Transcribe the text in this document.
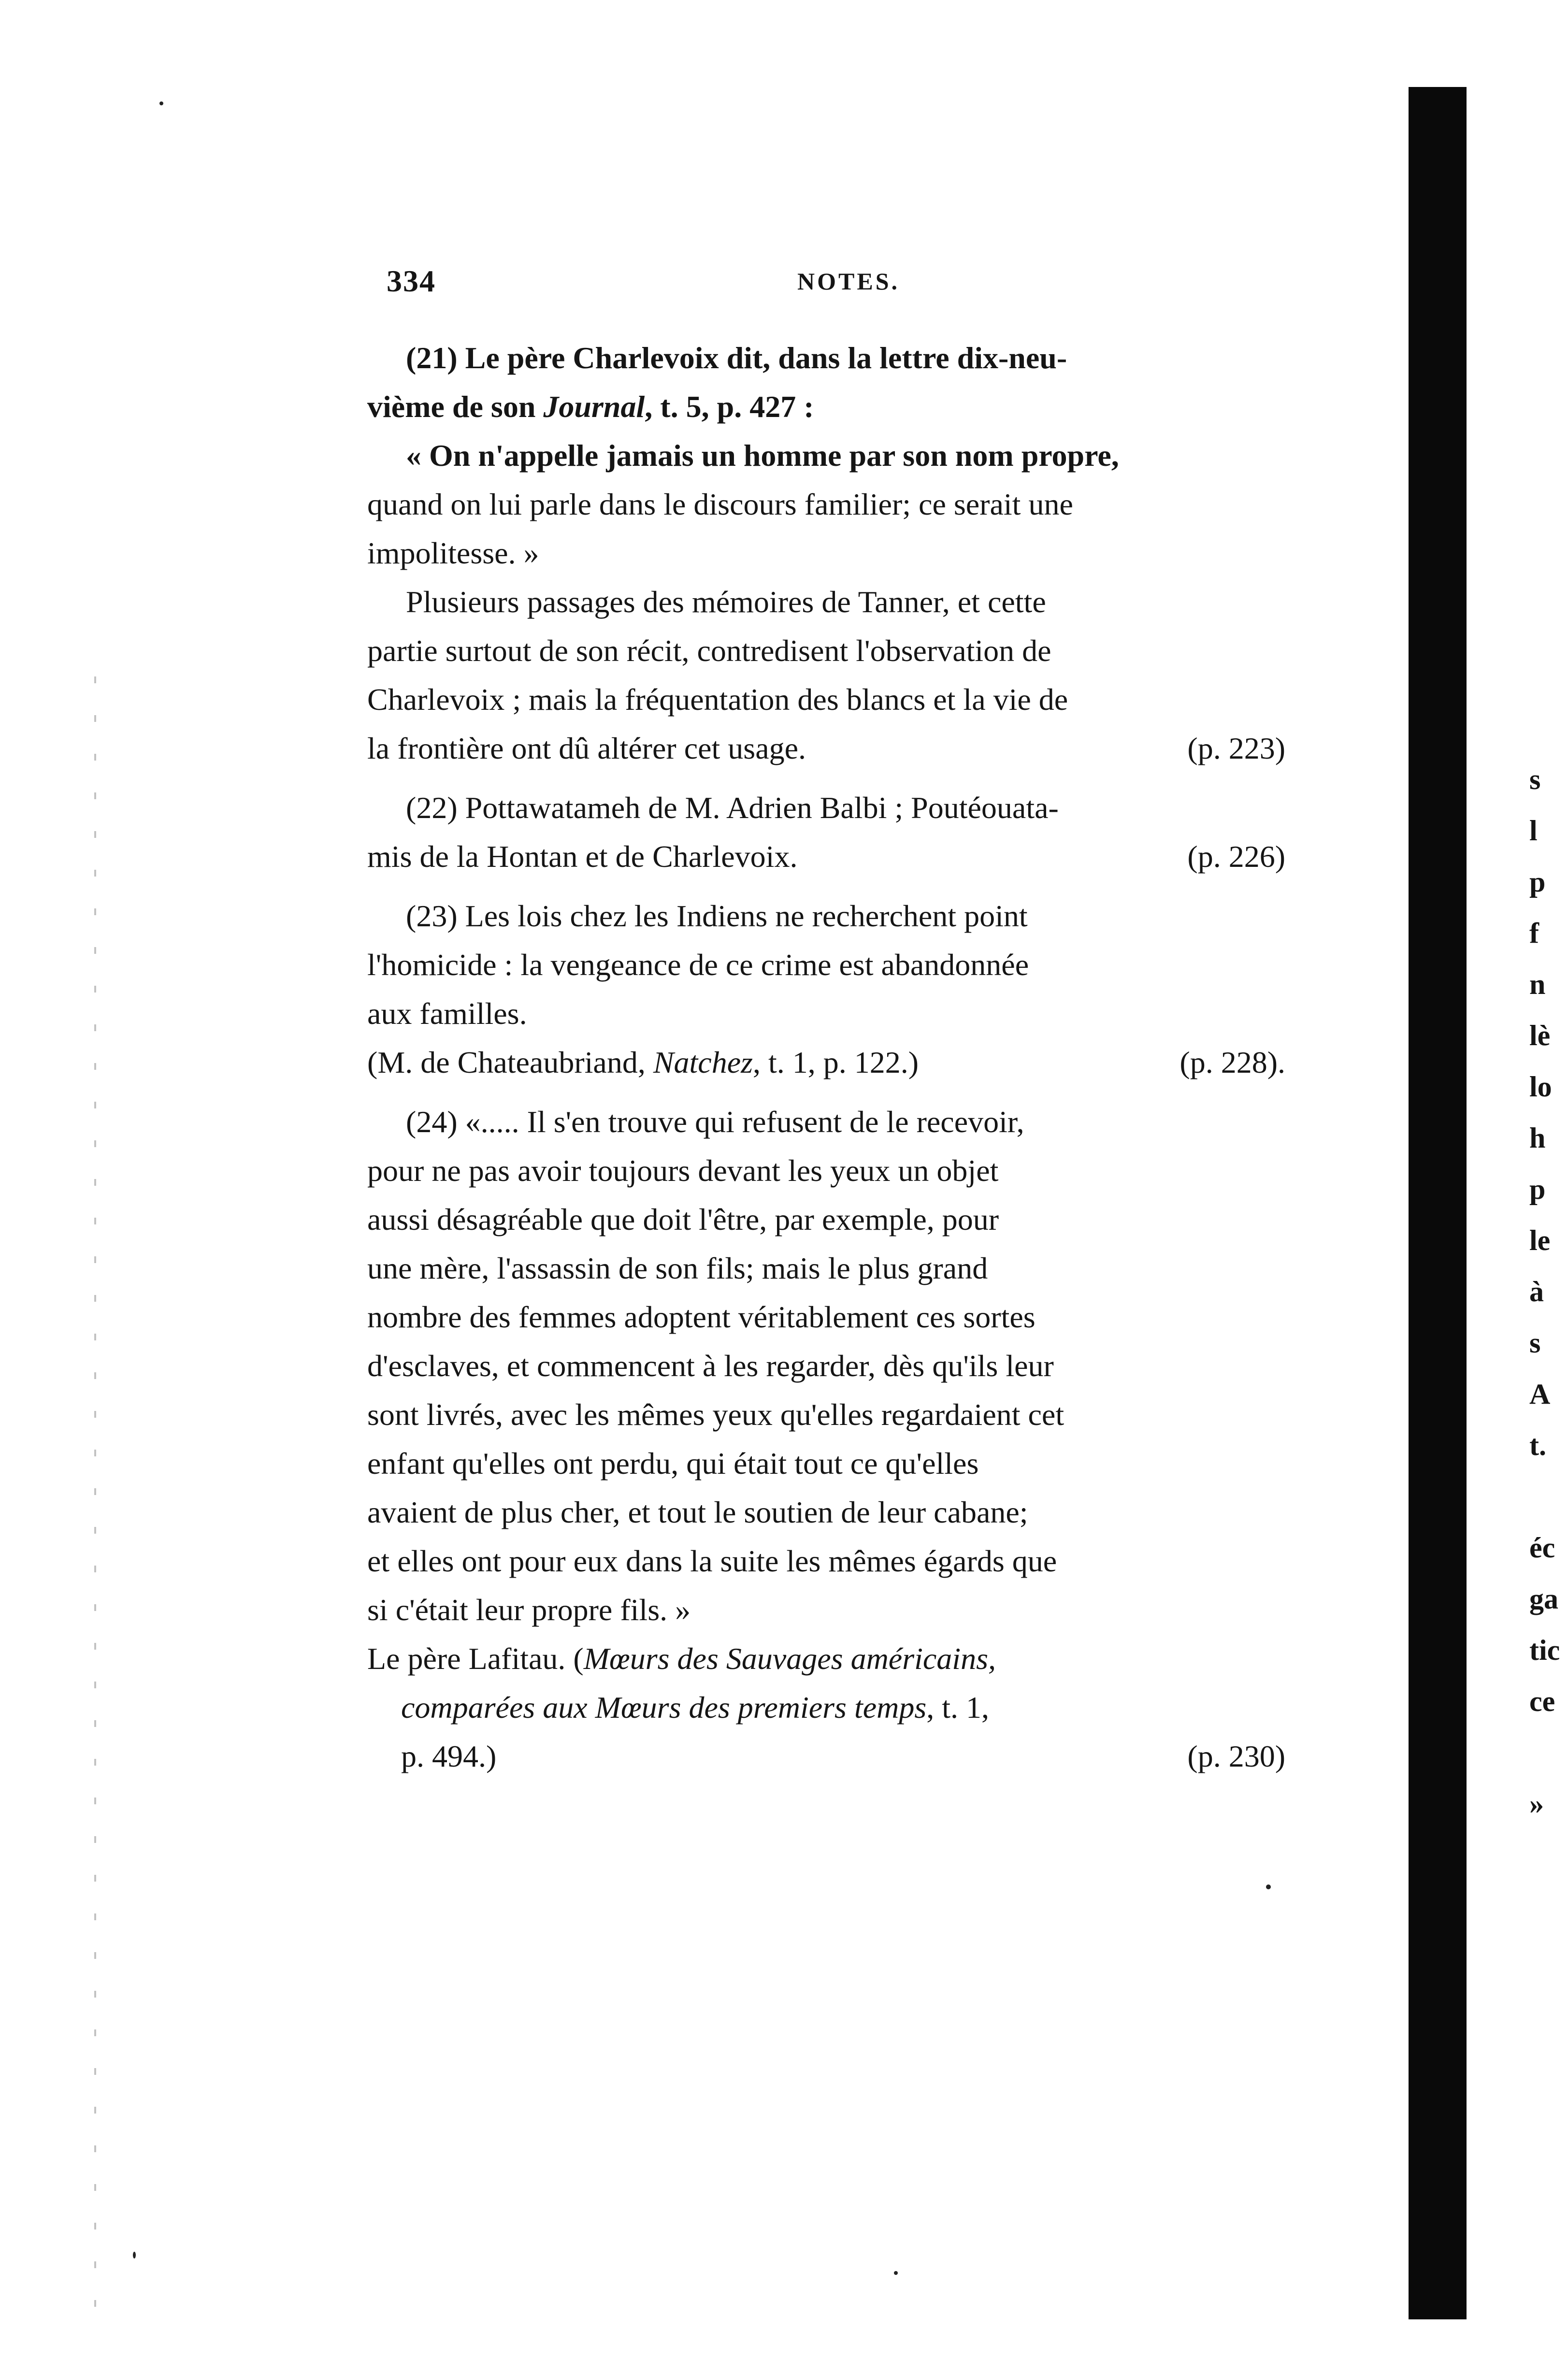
334	NOTES.
(21) Le père Charlevoix dit, dans la lettre dix-neu-
vième de son Journal, t. 5, p. 427 :
« On n'appelle jamais un homme par son nom propre,
quand on lui parle dans le discours familier; ce serait une
impolitesse. »
Plusieurs passages des mémoires de Tanner, et cette
partie surtout de son récit, contredisent l'observation de
Charlevoix ; mais la fréquentation des blancs et la vie de
la frontière ont dû altérer cet usage.	(p. 223)
(22) Pottawatameh de M. Adrien Balbi ; Poutéouata-
mis de la Hontan et de Charlevoix.	(p. 226)
(23) Les lois chez les Indiens ne recherchent point
l'homicide : la vengeance de ce crime est abandonnée
aux familles.
(M. de Chateaubriand, Natchez, t. 1, p. 122.)	(p. 228).
(24) «..... Il s'en trouve qui refusent de le recevoir,
pour ne pas avoir toujours devant les yeux un objet
aussi désagréable que doit l'être, par exemple, pour
une mère, l'assassin de son fils; mais le plus grand
nombre des femmes adoptent véritablement ces sortes
d'esclaves, et commencent à les regarder, dès qu'ils leur
sont livrés, avec les mêmes yeux qu'elles regardaient cet
enfant qu'elles ont perdu, qui était tout ce qu'elles
avaient de plus cher, et tout le soutien de leur cabane;
et elles ont pour eux dans la suite les mêmes égards que
si c'était leur propre fils. »
Le père Lafitau. (Mœurs des Sauvages américains,
comparées aux Mœurs des premiers temps, t. 1,
p. 494.)	(p. 230)
s
l
p
f
n
lè
lo
h
p
le
à
s
A
t.
éc
ga
tic
ce
»
